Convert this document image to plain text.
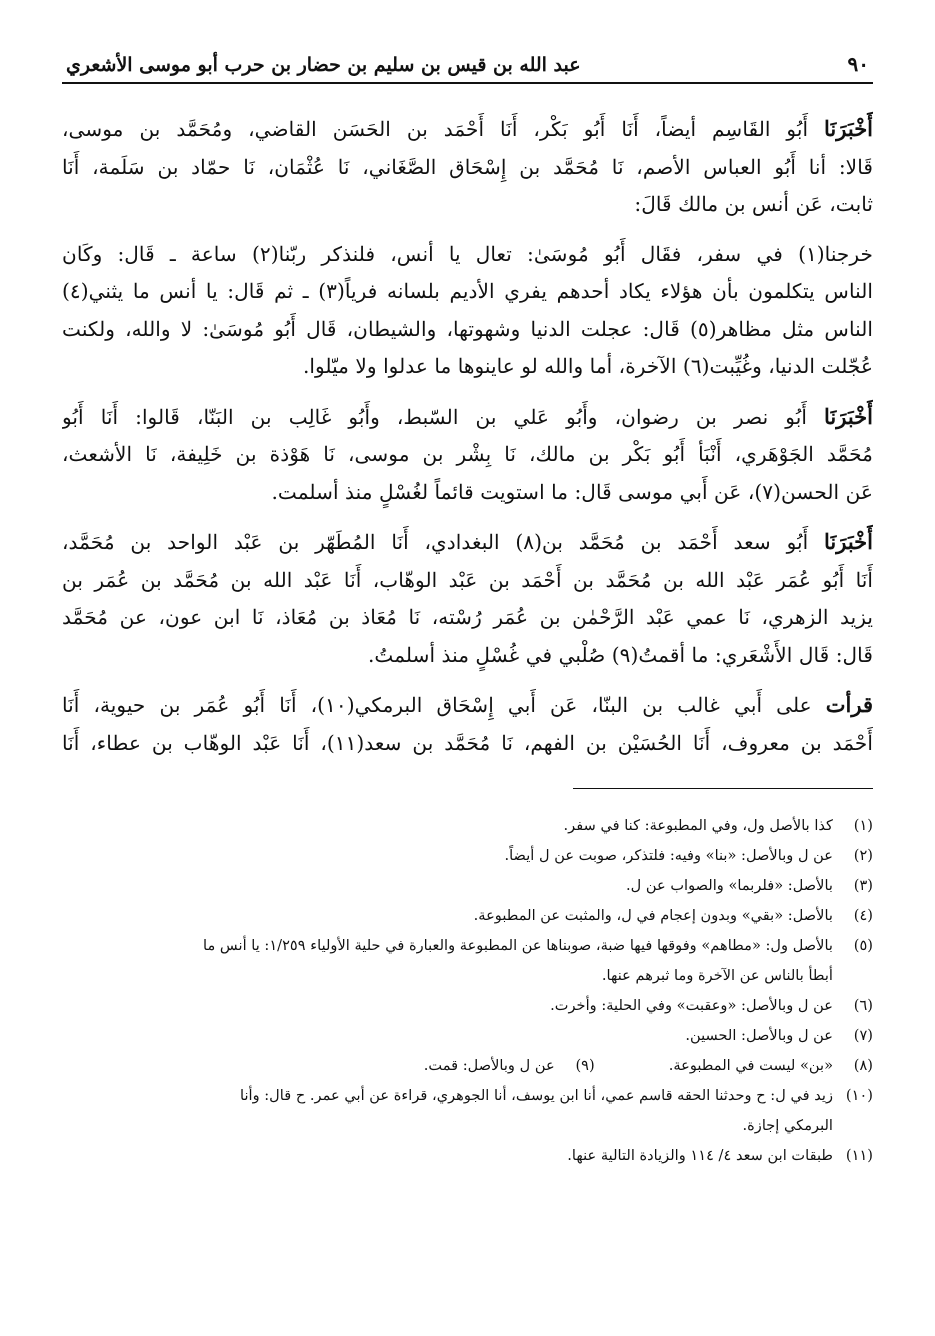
٩٠
عبد الله بن قيس بن سليم بن حضار بن حرب أبو موسى الأشعري

أَخْبَرَنَا أَبُو القَاسِم أيضاً، أَنَا أَبُو بَكْر، أَنَا أَحْمَد بن الحَسَن القاضي، ومُحَمَّد بن موسى،
قَالا: أنا أَبُو العباس الأصم، نَا مُحَمَّد بن إِسْحَاق الصَّغَاني، نَا عُثْمَان، نَا حمّاد بن سَلَمة، أَنَا
ثابت، عَن أنس بن مالك قَالَ:

خرجنا(١) في سفر، فقَال أَبُو مُوسَىٰ: تعال يا أنس، فلنذكر ربّنا(٢) ساعة ـ قَال: وكَان
الناس يتكلمون بأن هؤلاء يكاد أحدهم يفري الأديم بلسانه فرياً(٣) ـ ثم قَال: يا أنس ما يثني(٤)
الناس مثل مظاهر(٥) قَال: عجلت الدنيا وشهوتها، والشيطان، قَال أَبُو مُوسَىٰ: لا والله، ولكنت
عُجّلت الدنيا، وغُيِّبت(٦) الآخرة، أما والله لو عاينوها ما عدلوا ولا ميّلوا.

أَخْبَرَنَا أَبُو نصر بن رضوان، وأَبُو عَلي بن السّبط، وأَبُو غَالِب بن البَنّا، قَالوا: أَنَا أَبُو
مُحَمَّد الجَوْهَري، أَنْبَأ أَبُو بَكْر بن مالك، نَا بِشْر بن موسى، نَا هَوْذة بن خَلِيفة، نَا الأشعث،
عَن الحسن(٧)، عَن أَبي موسى قَال: ما استويت قائماً لغُسْلٍ منذ أسلمت.

أَخْبَرَنَا أَبُو سعد أَحْمَد بن مُحَمَّد بن(٨) البغدادي، أَنَا المُطَهّر بن عَبْد الواحد بن مُحَمَّد،
أَنَا أَبُو عُمَر عَبْد الله بن مُحَمَّد بن أَحْمَد بن عَبْد الوهّاب، أَنَا عَبْد الله بن مُحَمَّد بن عُمَر بن
يزيد الزهري، نَا عمي عَبْد الرَّحْمٰن بن عُمَر رُسْته، نَا مُعَاذ بن مُعَاذ، نَا ابن عون، عن مُحَمَّد
قَال: قَال الأَشْعَري: ما أقمتُ(٩) صُلْبي في غُسْلٍ منذ أسلمتُ.

قرأت على أَبي غالب بن البنّا، عَن أَبي إِسْحَاق البرمكي(١٠)، أَنَا أَبُو عُمَر بن حيوية، أَنَا
أَحْمَد بن معروف، أَنَا الحُسَيْن بن الفهم، نَا مُحَمَّد بن سعد(١١)، أَنَا عَبْد الوهّاب بن عطاء، أَنَا

(١)
كذا بالأصل ول، وفي المطبوعة: كنا في سفر.
(٢)
عن ل وبالأصل: «بنا» وفيه: فلتذكر، صوبت عن ل أيضاً.
(٣)
بالأصل: «فلربما» والصواب عن ل.
(٤)
بالأصل: «بقي» وبدون إعجام في ل، والمثبت عن المطبوعة.
(٥)
بالأصل ول: «مطاهم» وفوقها فيها ضبة، صوبناها عن المطبوعة والعبارة في حلية الأولياء ١/٢٥٩: يا أنس ما
أبطأ بالناس عن الآخرة وما ثبرهم عنها.
(٦)
عن ل وبالأصل: «وعقبت» وفي الحلية: وأخرت.
(٧)
عن ل وبالأصل: الحسين.
(٨)
«بن» ليست في المطبوعة.
(٩)
عن ل وبالأصل: قمت.
(١٠)
زيد في ل: ح وحدثنا الحقه قاسم عمي، أنا ابن يوسف، أنا الجوهري، قراءة عن أبي عمر. ح قال: وأنا
البرمكي إجازة.
(١١)
طبقات ابن سعد ٤/ ١١٤ والزيادة التالية عنها.
